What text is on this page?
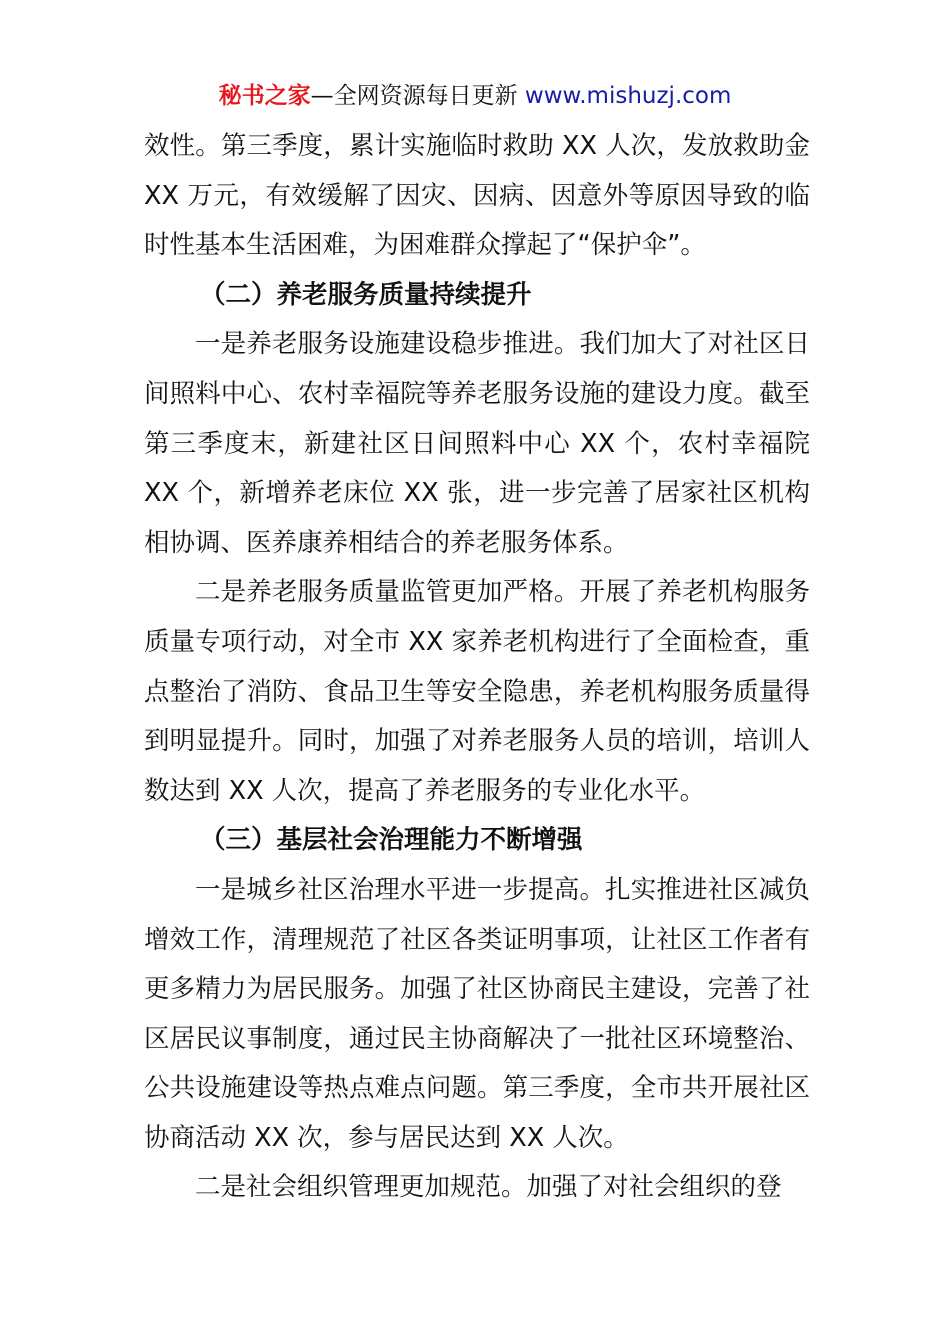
秘书之家—全网资源每日更新 www.mishuzj.com

效性。第三季度，累计实施临时救助 XX 人次，发放救助金 XX 万元，有效缓解了因灾、因病、因意外等原因导致的临时性基本生活困难，为困难群众撑起了“保护伞”。

（二）养老服务质量持续提升

一是养老服务设施建设稳步推进。我们加大了对社区日间照料中心、农村幸福院等养老服务设施的建设力度。截至第三季度末，新建社区日间照料中心 XX 个，农村幸福院 XX 个，新增养老床位 XX 张，进一步完善了居家社区机构相协调、医养康养相结合的养老服务体系。

二是养老服务质量监管更加严格。开展了养老机构服务质量专项行动，对全市 XX 家养老机构进行了全面检查，重点整治了消防、食品卫生等安全隐患，养老机构服务质量得到明显提升。同时，加强了对养老服务人员的培训，培训人数达到 XX 人次，提高了养老服务的专业化水平。

（三）基层社会治理能力不断增强

一是城乡社区治理水平进一步提高。扎实推进社区减负增效工作，清理规范了社区各类证明事项，让社区工作者有更多精力为居民服务。加强了社区协商民主建设，完善了社区居民议事制度，通过民主协商解决了一批社区环境整治、公共设施建设等热点难点问题。第三季度，全市共开展社区协商活动 XX 次，参与居民达到 XX 人次。

二是社会组织管理更加规范。加强了对社会组织的登
